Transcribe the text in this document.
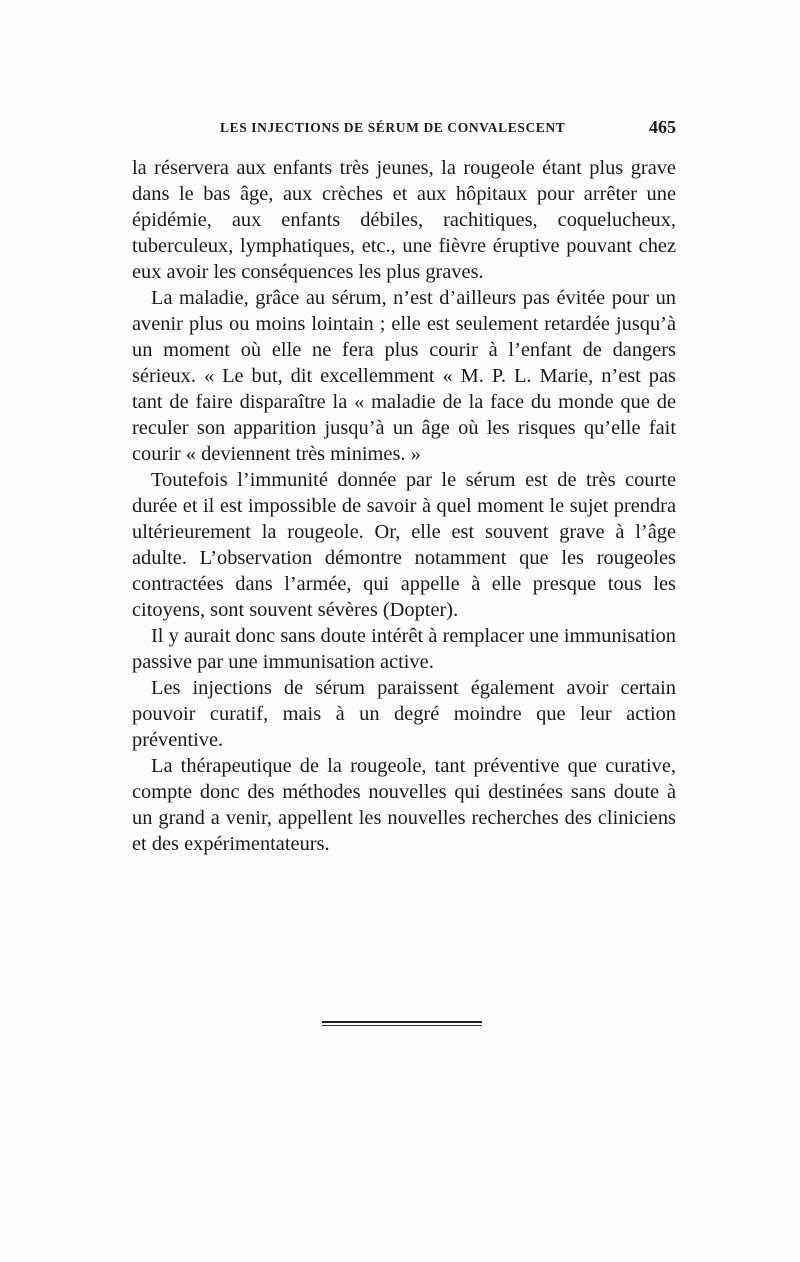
LES INJECTIONS DE SÉRUM DE CONVALESCENT	465

la réservera aux enfants très jeunes, la rougeole étant plus grave dans le bas âge, aux crèches et aux hôpitaux pour arrêter une épidémie, aux enfants débiles, rachitiques, coquelucheux, tuberculeux, lymphatiques, etc., une fièvre éruptive pouvant chez eux avoir les conséquences les plus graves.

La maladie, grâce au sérum, n’est d’ailleurs pas évitée pour un avenir plus ou moins lointain ; elle est seulement retardée jusqu’à un moment où elle ne fera plus courir à l’enfant de dangers sérieux. « Le but, dit excellemment « M. P. L. Marie, n’est pas tant de faire disparaître la « maladie de la face du monde que de reculer son apparition jusqu’à un âge où les risques qu’elle fait courir « deviennent très minimes. »

Toutefois l’immunité donnée par le sérum est de très courte durée et il est impossible de savoir à quel moment le sujet prendra ultérieurement la rougeole. Or, elle est souvent grave à l’âge adulte. L’observation démontre notamment que les rougeoles contractées dans l’armée, qui appelle à elle presque tous les citoyens, sont souvent sévères (Dopter).

Il y aurait donc sans doute intérêt à remplacer une immunisation passive par une immunisation active.

Les injections de sérum paraissent également avoir certain pouvoir curatif, mais à un degré moindre que leur action préventive.

La thérapeutique de la rougeole, tant préventive que curative, compte donc des méthodes nouvelles qui destinées sans doute à un grand a venir, appellent les nouvelles recherches des cliniciens et des expérimentateurs.
